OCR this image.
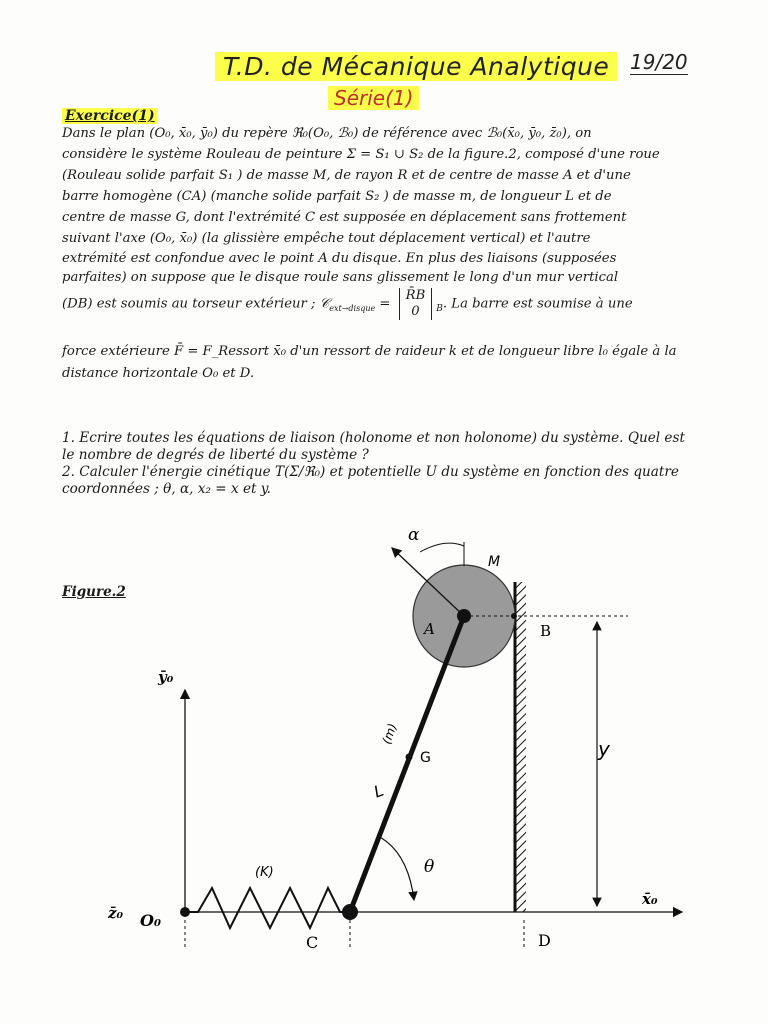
T.D. de Mécanique Analytique
Série(1)
19/20
Exercice(1)
Dans le plan (O₀, x̄₀, ȳ₀) du repère ℜ₀(O₀, ℬ₀) de référence avec ℬ₀(x̄₀, ȳ₀, z̄₀), on
considère le système Rouleau de peinture Σ = S₁ ∪ S₂ de la figure.2, composé d'une roue
(Rouleau solide parfait S₁ ) de masse M, de rayon R et de centre de masse A et d'une
barre homogène (CA) (manche solide parfait S₂ ) de masse m, de longueur L et de
centre de masse G, dont l'extrémité C est supposée en déplacement sans frottement
suivant l'axe (O₀, x̄₀) (la glissière empêche tout déplacement vertical) et l'autre
extrémité est confondue avec le point A du disque. En plus des liaisons (supposées
parfaites) on suppose que le disque roule sans glissement le long d'un mur vertical
(DB) est soumis au torseur extérieur ; 𝒞$_{ext\to disque}$ = R̄B
0 $_B$. La barre est soumise à une
force extérieure F̄ = F_Ressort x̄₀ d'un ressort de raideur k et de longueur libre l₀ égale à la
distance horizontale O₀ et D.
1. Ecrire toutes les équations de liaison (holonome et non holonome) du système. Quel est le nombre de degrés de liberté du système ?
2. Calculer l'énergie cinétique T(Σ/ℜ₀) et potentielle U du système en fonction des quatre coordonnées ; θ, α, x₂ = x et y.
Figure.2
α
M
A	B
y
G
(m)
L
θ
(K)
ȳ₀
z̄₀ O₀
C	D
x̄₀
